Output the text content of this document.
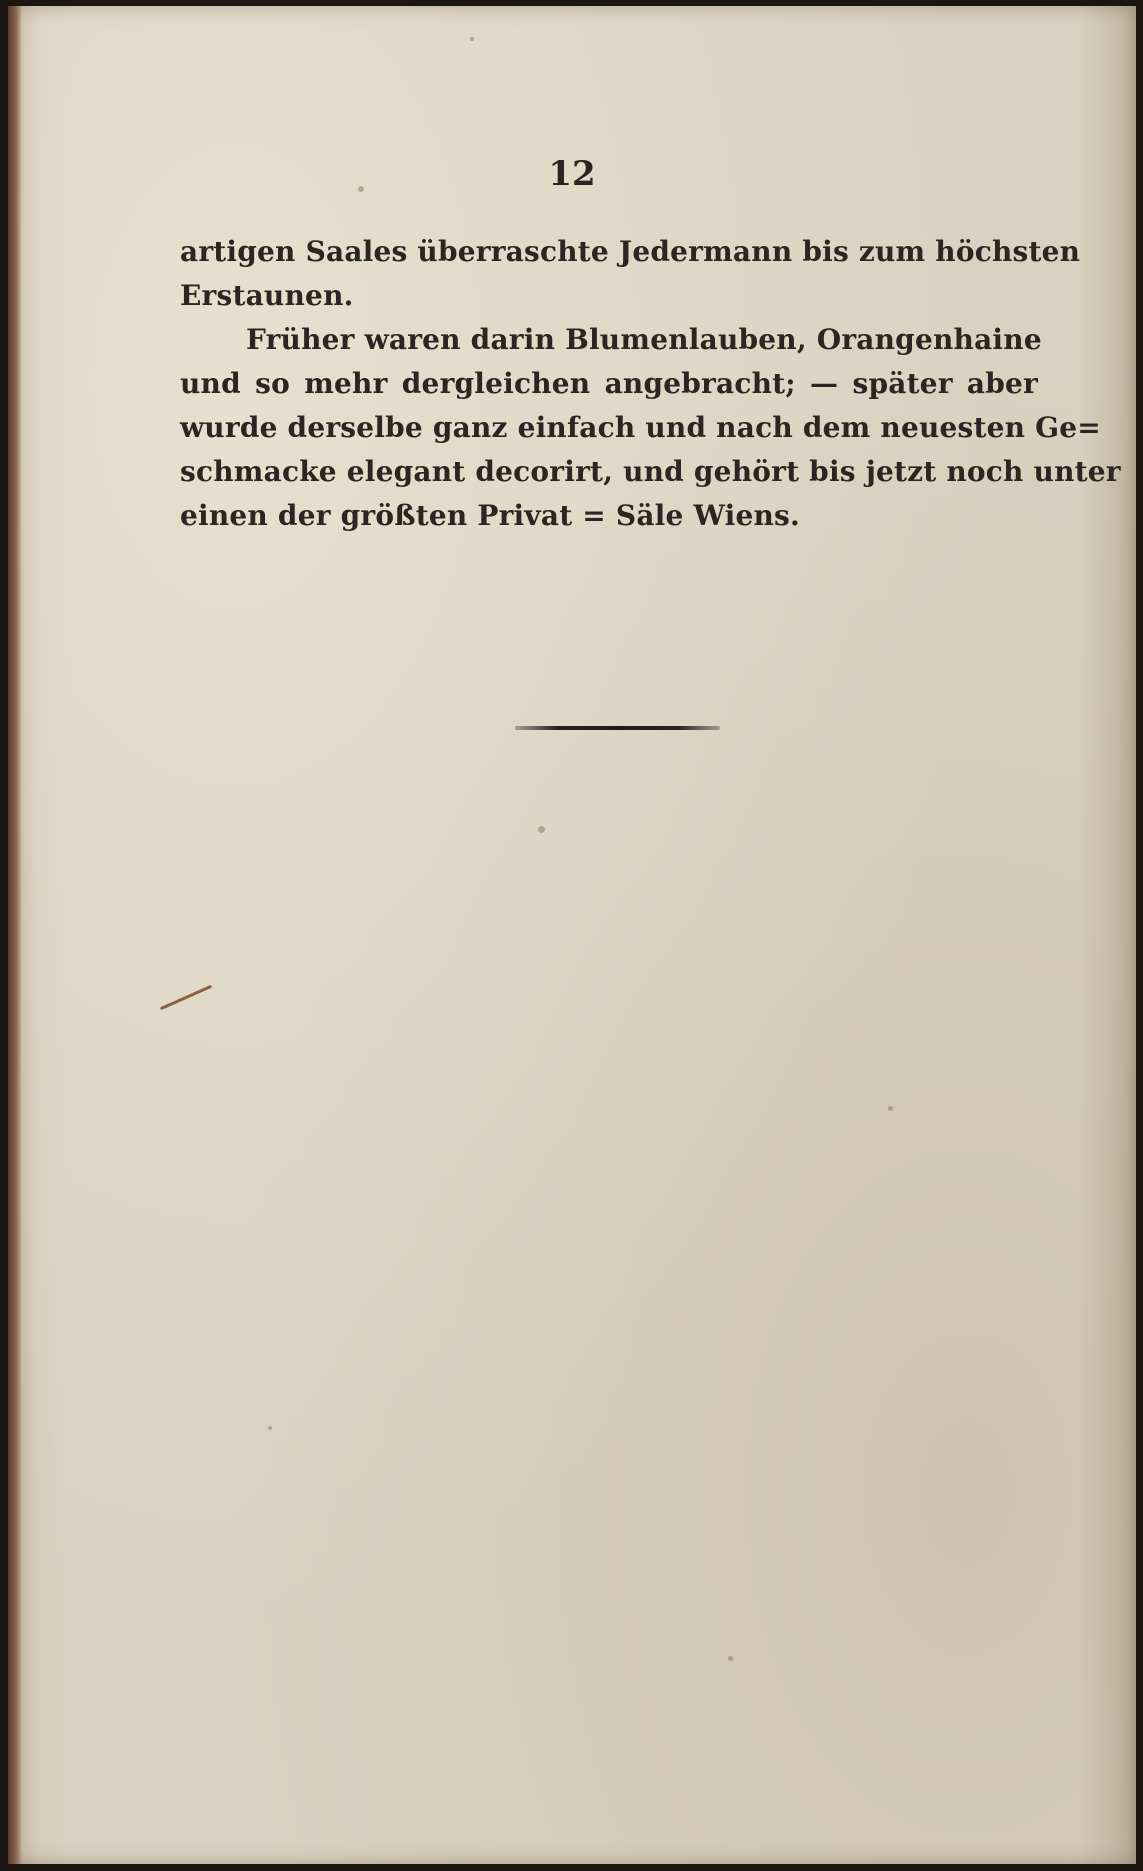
12
artigen Saales überraschte Jedermann bis zum höchsten
Erstaunen.
Früher waren darin Blumenlauben, Orangenhaine
und so mehr dergleichen angebracht; — später aber
wurde derselbe ganz einfach und nach dem neuesten Ge=
schmacke elegant decorirt, und gehört bis jetzt noch unter
einen der größten Privat = Säle Wiens.
